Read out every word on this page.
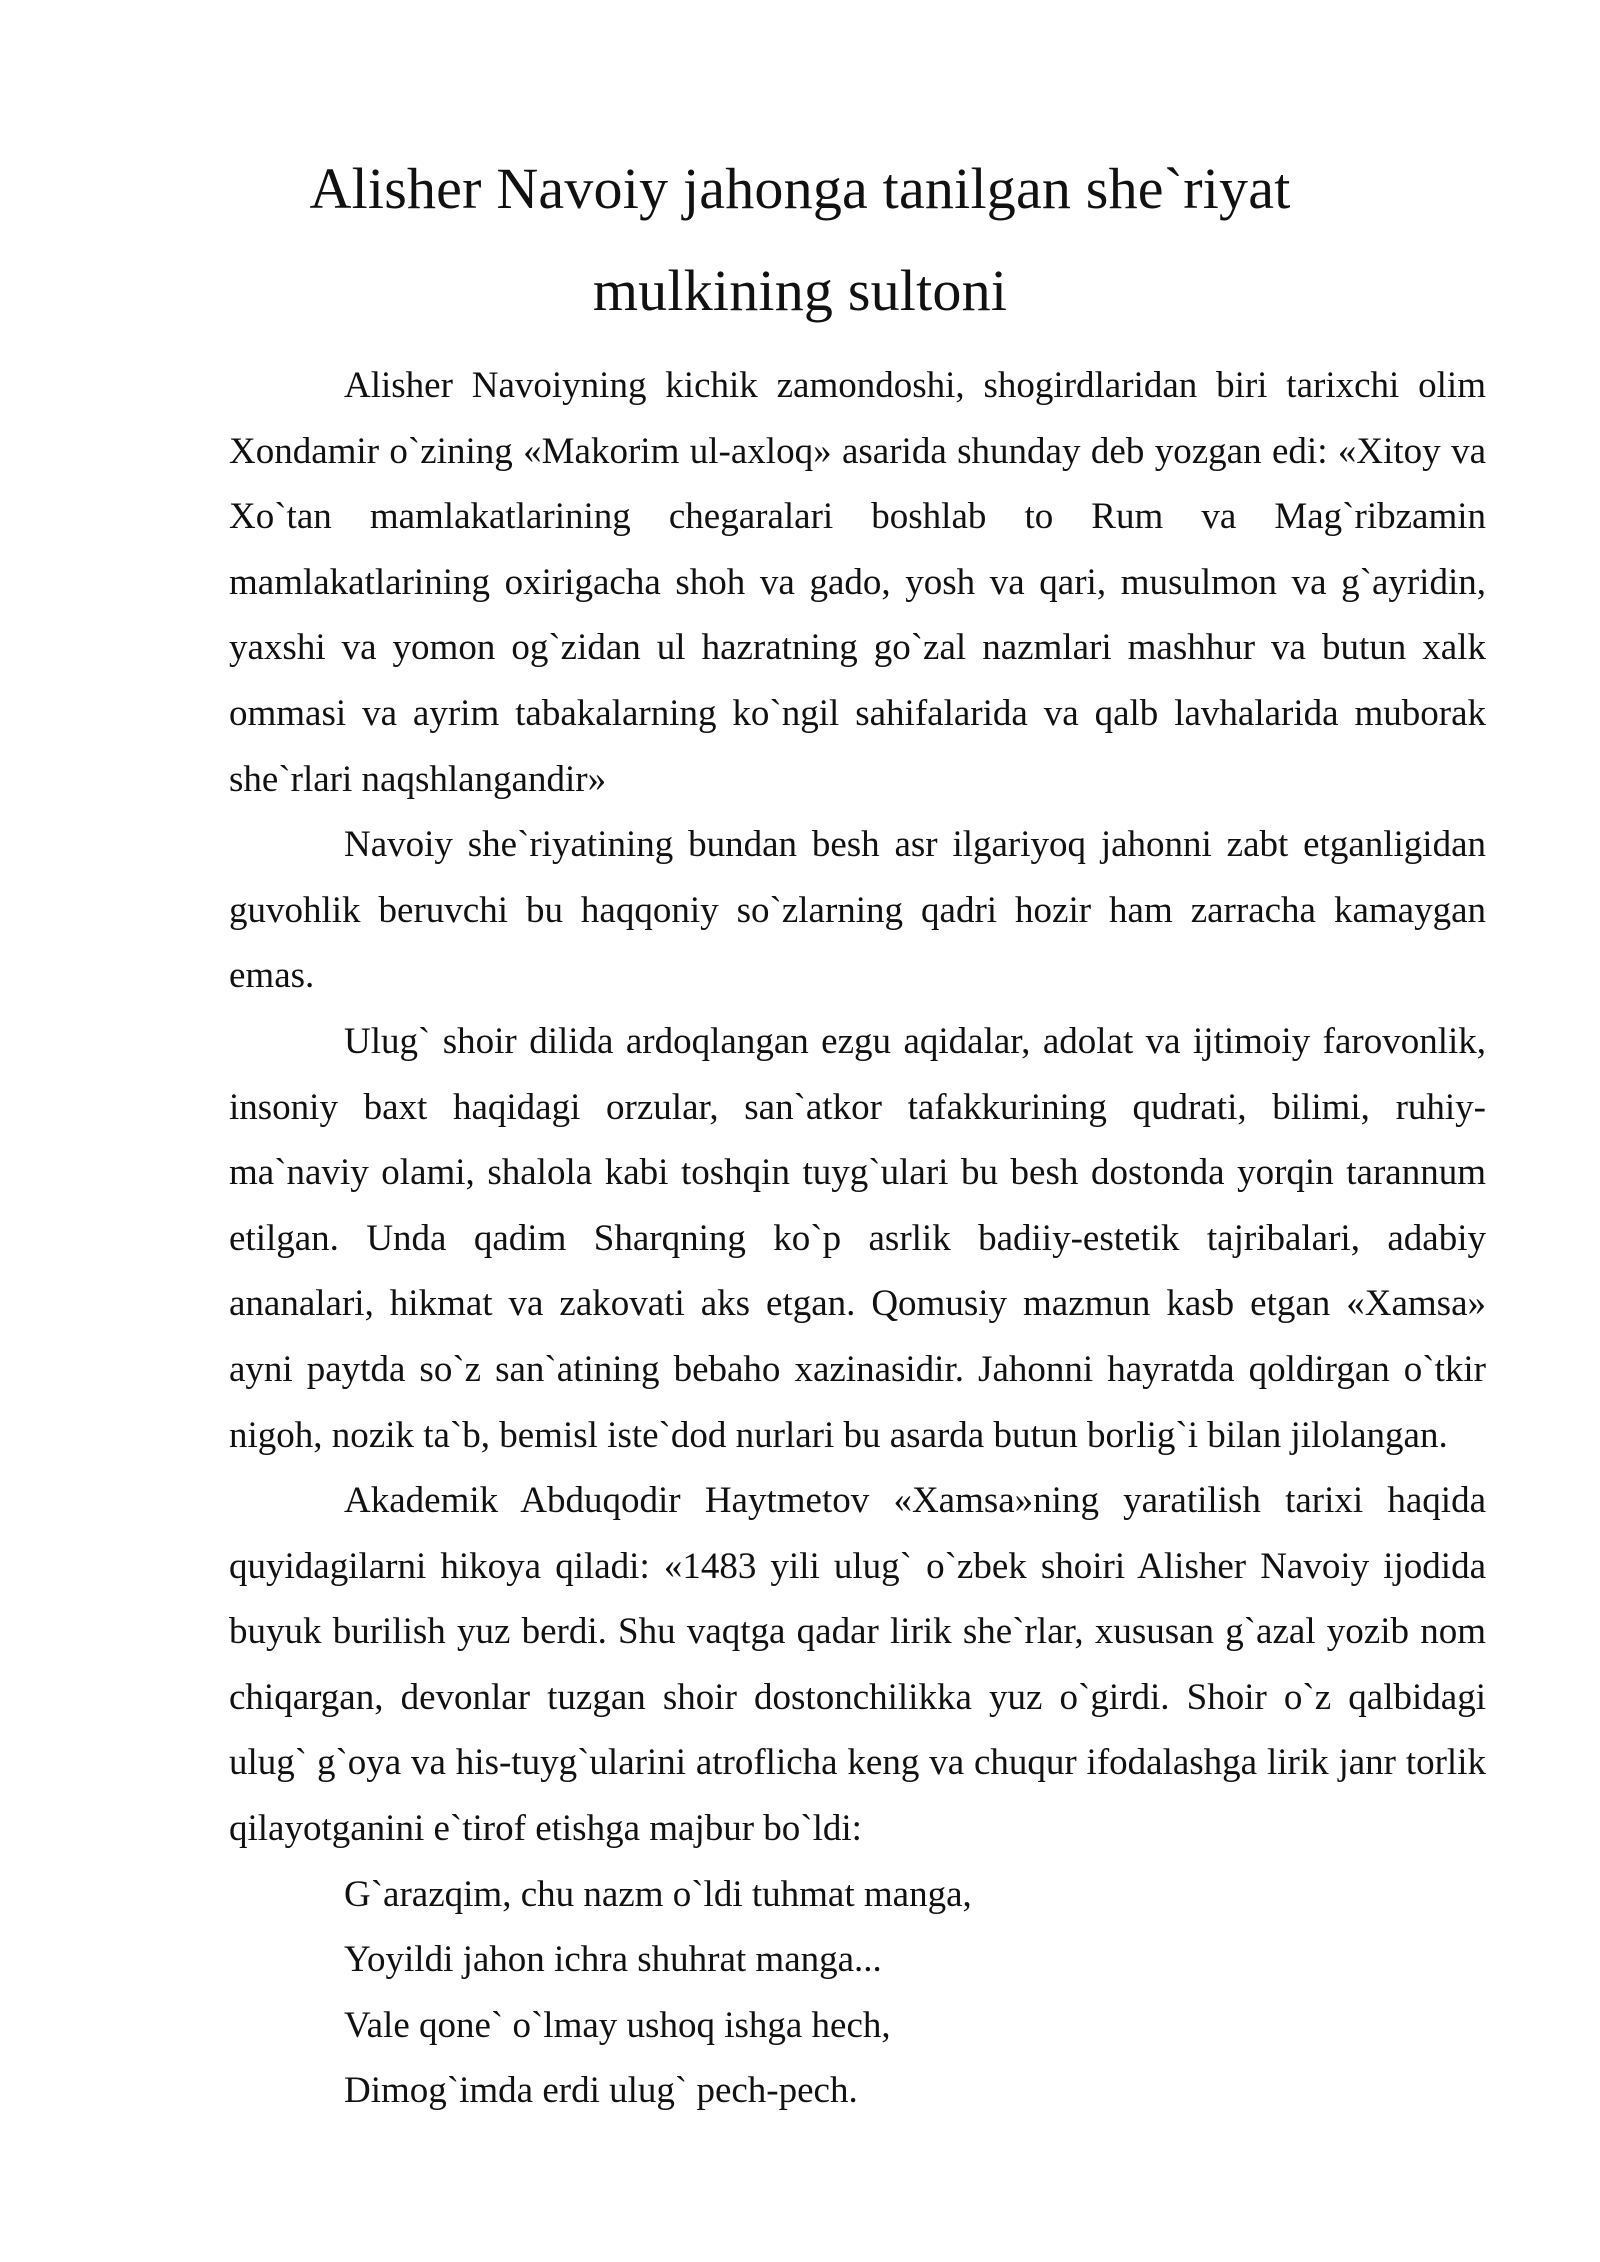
Alisher Navoiy jahonga tanilgan she`riyat
mulkining sultoni

Alisher Navoiyning kichik zamondoshi, shogirdlaridan biri tarixchi olim Xondamir o`zining «Makorim ul-axloq» asarida shunday deb yozgan edi: «Xitoy va Xo`tan mamlakatlarining chegaralari boshlab to Rum va Mag`ribzamin mamlakatlarining oxirigacha shoh va gado, yosh va qari, musulmon va g`ayridin, yaxshi va yomon og`zidan ul hazratning go`zal nazmlari mashhur va butun xalk ommasi va ayrim tabakalarning ko`ngil sahifalarida va qalb lavhalarida muborak she`rlari naqshlangandir»

Navoiy she`riyatining bundan besh asr ilgariyoq jahonni zabt etganligidan guvohlik beruvchi bu haqqoniy so`zlarning qadri hozir ham zarracha kamaygan emas.

Ulug` shoir dilida ardoqlangan ezgu aqidalar, adolat va ijtimoiy farovonlik, insoniy baxt haqidagi orzular, san`atkor tafakkurining qudrati, bilimi, ruhiy-ma`naviy olami, shalola kabi toshqin tuyg`ulari bu besh dostonda yorqin tarannum etilgan. Unda qadim Sharqning ko`p asrlik badiiy-estetik tajribalari, adabiy ananalari, hikmat va zakovati aks etgan. Qomusiy mazmun kasb etgan «Xamsa» ayni paytda so`z san`atining bebaho xazinasidir. Jahonni hayratda qoldirgan o`tkir nigoh, nozik ta`b, bemisl iste`dod nurlari bu asarda butun borlig`i bilan jilolangan.

Akademik Abduqodir Haytmetov «Xamsa»ning yaratilish tarixi haqida quyidagilarni hikoya qiladi: «1483 yili ulug` o`zbek shoiri Alisher Navoiy ijodida buyuk burilish yuz berdi. Shu vaqtga qadar lirik she`rlar, xususan g`azal yozib nom chiqargan, devonlar tuzgan shoir dostonchilikka yuz o`girdi. Shoir o`z qalbidagi ulug` g`oya va his-tuyg`ularini atroflicha keng va chuqur ifodalashga lirik janr torlik qilayotganini e`tirof etishga majbur bo`ldi:

G`arazqim, chu nazm o`ldi tuhmat manga,

Yoyildi jahon ichra shuhrat manga...

Vale qone` o`lmay ushoq ishga hech,

Dimog`imda erdi ulug` pech-pech.
